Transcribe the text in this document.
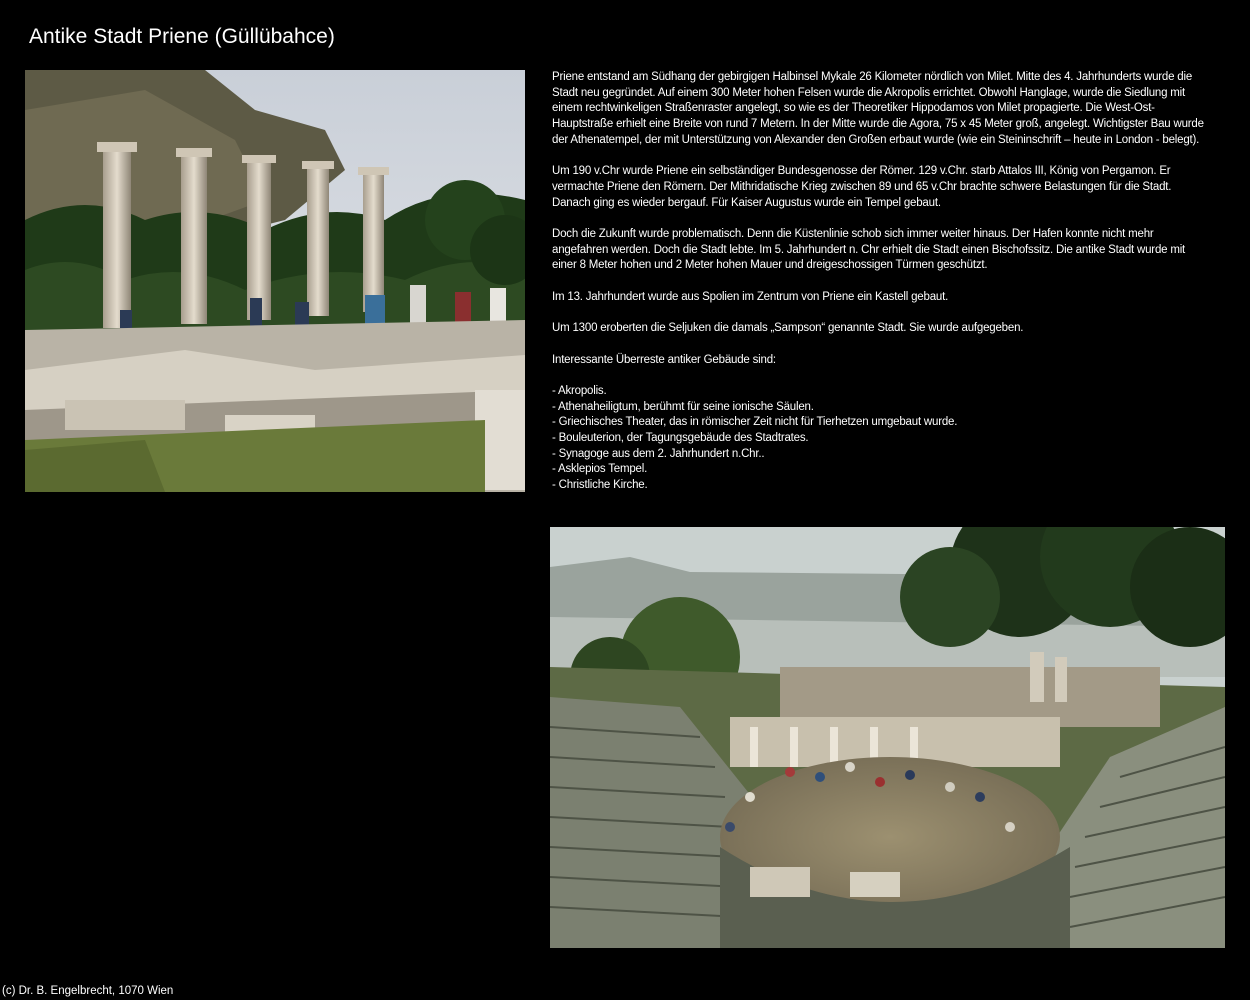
Antike Stadt Priene (Güllübahce)

Priene entstand am Südhang der gebirgigen Halbinsel Mykale 26 Kilometer nördlich von Milet. Mitte des 4. Jahrhunderts wurde die Stadt neu gegründet. Auf einem 300 Meter hohen Felsen wurde die Akropolis errichtet. Obwohl Hanglage, wurde die Siedlung mit einem rechtwinkeligen Straßenraster angelegt, so wie es der Theoretiker Hippodamos von Milet propagierte. Die West-Ost-Hauptstraße erhielt eine Breite von rund 7 Metern. In der Mitte wurde die Agora, 75 x 45 Meter groß, angelegt. Wichtigster Bau wurde der Athenatempel, der mit Unterstützung von Alexander den Großen erbaut wurde (wie ein Steininschrift – heute in London - belegt).

Um 190 v.Chr wurde Priene ein selbständiger Bundesgenosse der Römer. 129 v.Chr. starb Attalos III, König von Pergamon. Er vermachte Priene den Römern. Der Mithridatische Krieg zwischen 89 und 65 v.Chr brachte schwere Belastungen für die Stadt. Danach ging es wieder bergauf. Für Kaiser Augustus wurde ein Tempel gebaut.

Doch die Zukunft wurde problematisch. Denn die Küstenlinie schob sich immer weiter hinaus. Der Hafen konnte nicht mehr angefahren werden. Doch die Stadt lebte. Im 5. Jahrhundert n. Chr erhielt die Stadt einen Bischofssitz. Die antike Stadt wurde mit einer 8 Meter hohen und 2 Meter hohen Mauer und dreigeschossigen Türmen geschützt.

Im 13. Jahrhundert wurde aus Spolien im Zentrum von Priene ein Kastell gebaut.

Um 1300 eroberten die Seljuken die damals „Sampson“ genannte Stadt. Sie wurde aufgegeben.

Interessante Überreste antiker Gebäude sind:

- Akropolis.
- Athenaheiligtum, berühmt für seine ionische Säulen.
- Griechisches Theater, das in römischer Zeit nicht für Tierhetzen umgebaut wurde.
- Bouleuterion, der Tagungsgebäude des Stadtrates.
- Synagoge aus dem 2. Jahrhundert n.Chr..
- Asklepios Tempel.
- Christliche Kirche.
(c) Dr. B. Engelbrecht, 1070 Wien
